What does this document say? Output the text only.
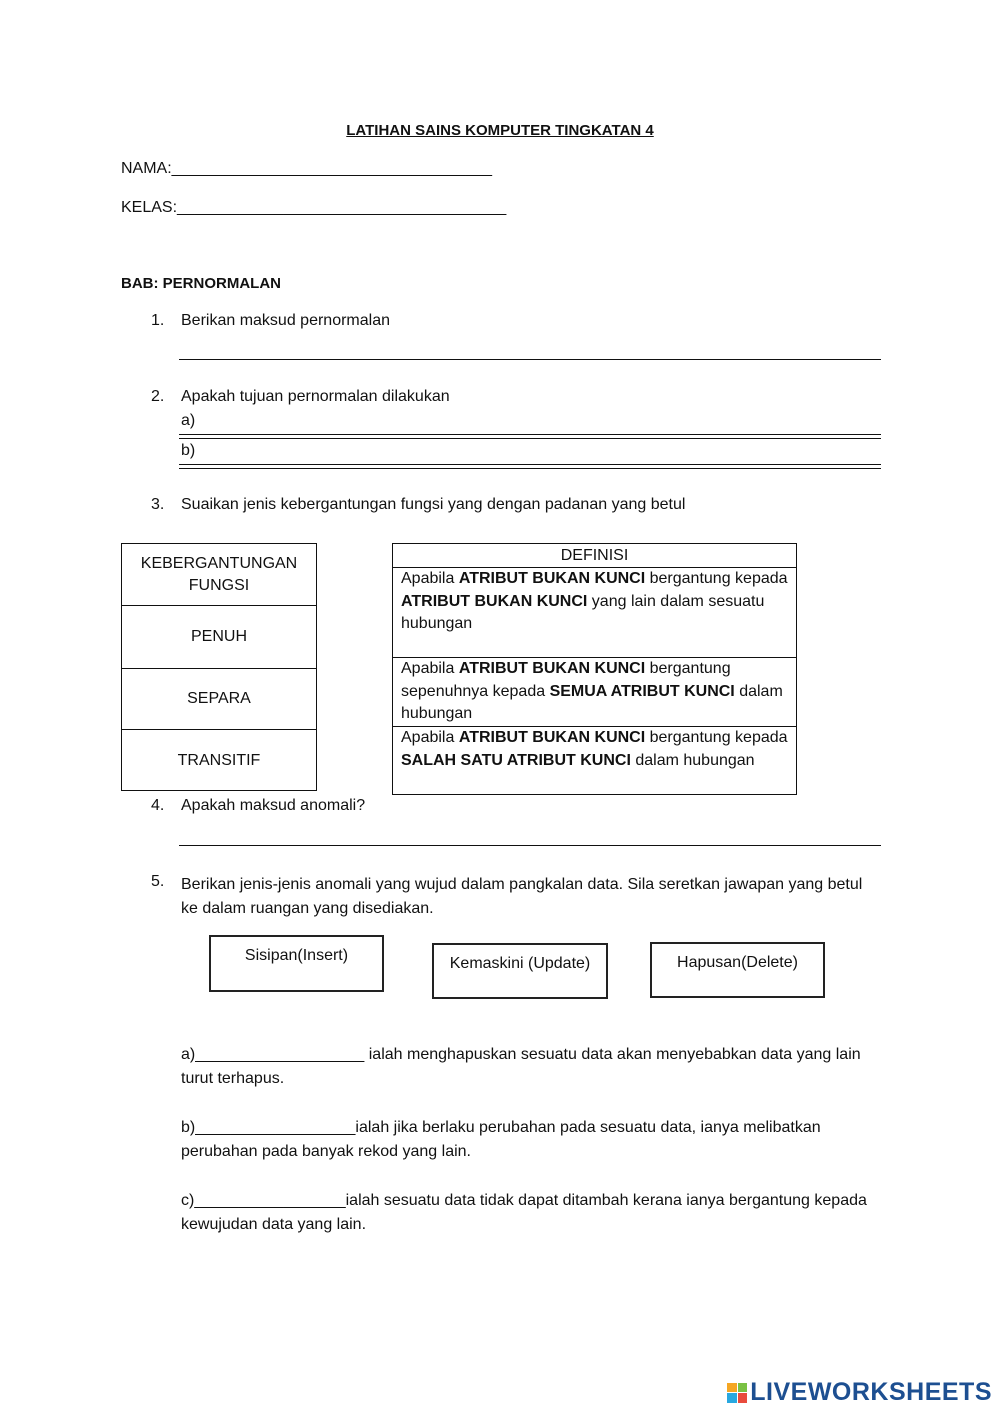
LATIHAN SAINS KOMPUTER TINGKATAN 4
NAMA:____________________________________
KELAS:_____________________________________
BAB: PERNORMALAN
1. Berikan maksud pernormalan
2. Apakah tujuan pernormalan dilakukan
a)
b)
3. Suaikan jenis kebergantungan fungsi yang dengan padanan yang betul
KEBERGANTUNGAN
FUNGSI
PENUH
SEPARA
TRANSITIF
DEFINISI
Apabila ATRIBUT BUKAN KUNCI bergantung kepada ATRIBUT BUKAN KUNCI yang lain dalam sesuatu hubungan
Apabila ATRIBUT BUKAN KUNCI bergantung sepenuhnya kepada SEMUA ATRIBUT KUNCI dalam hubungan
Apabila ATRIBUT BUKAN KUNCI bergantung kepada SALAH SATU ATRIBUT KUNCI dalam hubungan
4. Apakah maksud anomali?
5. Berikan jenis-jenis anomali yang wujud dalam pangkalan data. Sila seretkan jawapan yang betul ke dalam ruangan yang disediakan.
Sisipan(Insert)	Kemaskini (Update)	Hapusan(Delete)
a)___________________ ialah menghapuskan sesuatu data akan menyebabkan data yang lain turut terhapus.
b)__________________ialah jika berlaku perubahan pada sesuatu data, ianya melibatkan perubahan pada banyak rekod yang lain.
c)_________________ialah sesuatu data tidak dapat ditambah kerana ianya bergantung kepada kewujudan data yang lain.
LIVEWORKSHEETS
